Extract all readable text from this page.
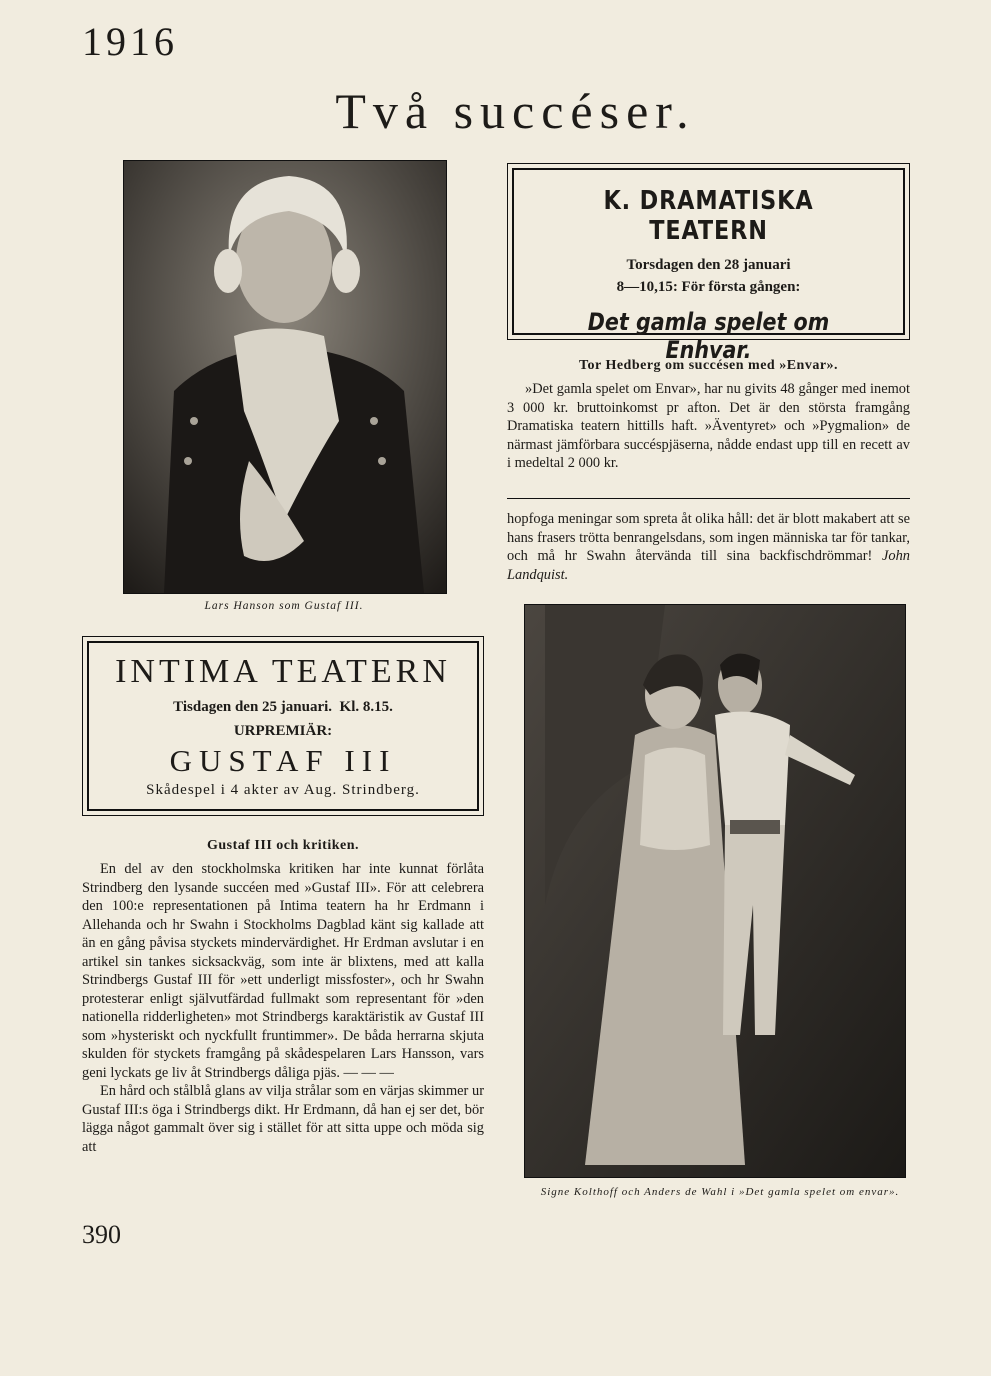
1916
Två succéser.
Lars Hanson som Gustaf III.
K. DRAMATISKA TEATERN
Torsdagen den 28 januari
8—10,15: För första gången:
Det gamla spelet om Enhvar.
Tor Hedberg om succésen med »Envar».

»Det gamla spelet om Envar», har nu givits 48 gånger med inemot 3 000 kr. bruttoinkomst pr afton. Det är den största framgång Dramatiska teatern hittills haft. »Äventyret» och »Pygmalion» de närmast jämförbara succéspjäserna, nådde endast upp till en recett av i medeltal 2 000 kr.

hopfoga meningar som spreta åt olika håll: det är blott makabert att se hans frasers trötta benrangelsdans, som ingen människa tar för tankar, och må hr Swahn återvända till sina backfischdrömmar! John Landquist.

INTIMA TEATERN
Tisdagen den 25 januari.  Kl. 8.15.
URPREMIÄR:
GUSTAF III
Skådespel i 4 akter av Aug. Strindberg.
Gustaf III och kritiken.

En del av den stockholmska kritiken har inte kunnat förlåta Strindberg den lysande succéen med »Gustaf III». För att celebrera den 100:e representationen på Intima teatern ha hr Erdmann i Allehanda och hr Swahn i Stockholms Dagblad känt sig kallade att än en gång påvisa styckets mindervärdighet. Hr Erdman avslutar i en artikel sin tankes sicksackväg, som inte är blixtens, med att kalla Strindbergs Gustaf III för »ett underligt missfoster», och hr Swahn protesterar enligt självutfärdad fullmakt som representant för »den nationella ridderligheten» mot Strindbergs karaktäristik av Gustaf III som »hysteriskt och nyckfullt fruntimmer». De båda herrarna skjuta skulden för styckets framgång på skådespelaren Lars Hansson, vars geni lyckats ge liv åt Strindbergs dåliga pjäs. — — —

En hård och stålblå glans av vilja strålar som en värjas skimmer ur Gustaf III:s öga i Strindbergs dikt. Hr Erdmann, då han ej ser det, bör lägga något gammalt över sig i stället för att sitta uppe och möda sig att

Signe Kolthoff och Anders de Wahl i »Det gamla spelet om envar».
390
